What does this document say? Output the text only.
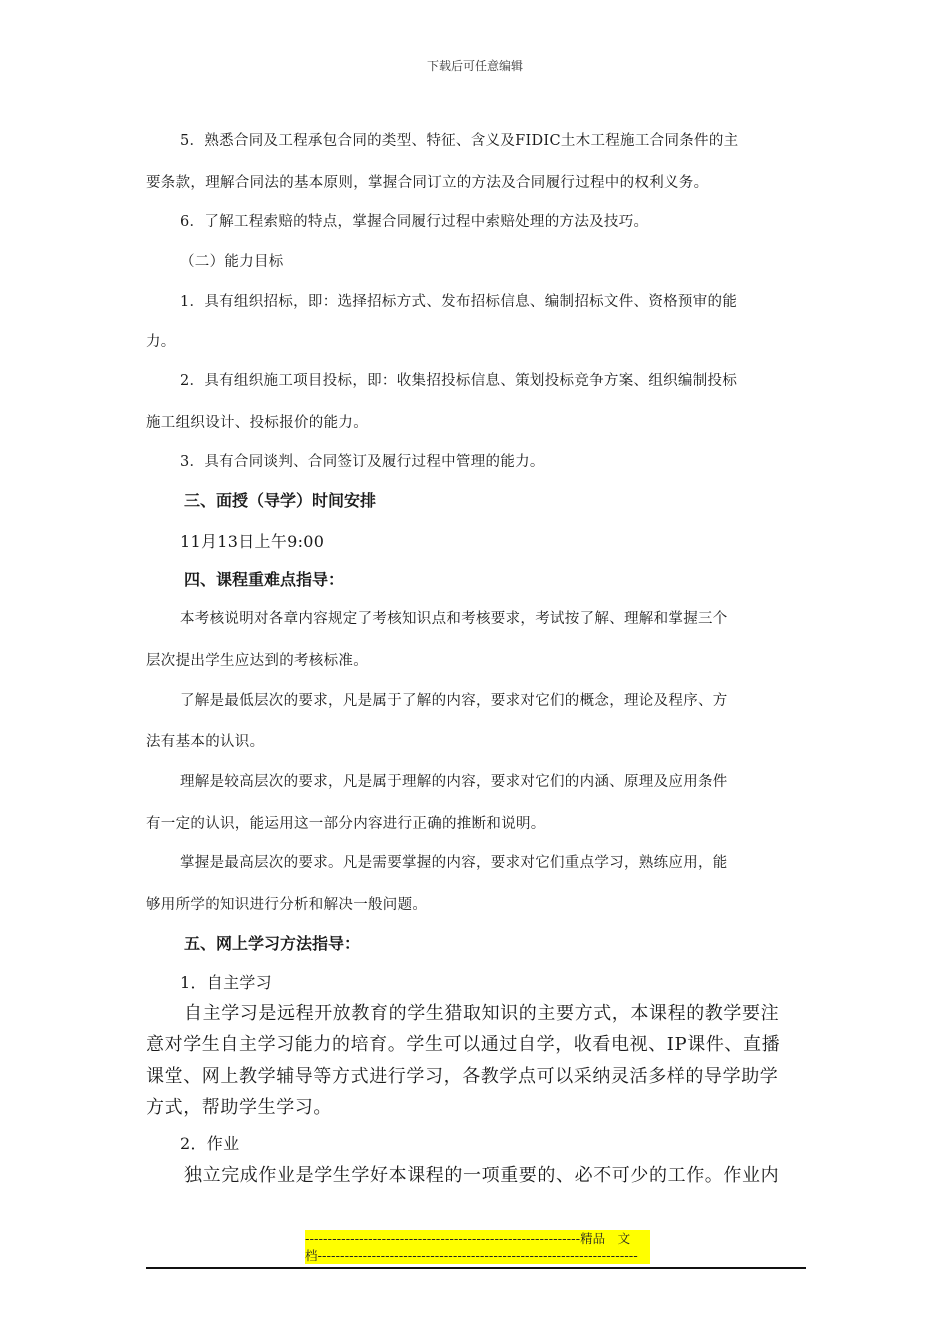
下载后可任意编辑
5．熟悉合同及工程承包合同的类型、特征、含义及FIDIC土木工程施工合同条件的主
要条款，理解合同法的基本原则，掌握合同订立的方法及合同履行过程中的权利义务。
6．了解工程索赔的特点，掌握合同履行过程中索赔处理的方法及技巧。
（二）能力目标
1．具有组织招标，即：选择招标方式、发布招标信息、编制招标文件、资格预审的能
力。
2．具有组织施工项目投标，即：收集招投标信息、策划投标竞争方案、组织编制投标
施工组织设计、投标报价的能力。
3．具有合同谈判、合同签订及履行过程中管理的能力。
三、面授（导学）时间安排
11月13日上午9:00
四、课程重难点指导：
本考核说明对各章内容规定了考核知识点和考核要求，考试按了解、理解和掌握三个
层次提出学生应达到的考核标准。
了解是最低层次的要求，凡是属于了解的内容，要求对它们的概念，理论及程序、方
法有基本的认识。
理解是较高层次的要求，凡是属于理解的内容，要求对它们的内涵、原理及应用条件
有一定的认识，能运用这一部分内容进行正确的推断和说明。
掌握是最高层次的要求。凡是需要掌握的内容，要求对它们重点学习，熟练应用，能
够用所学的知识进行分析和解决一般问题。
五、网上学习方法指导：
1．自主学习
自主学习是远程开放教育的学生猎取知识的主要方式，本课程的教学要注
意对学生自主学习能力的培育。学生可以通过自学，收看电视、IP课件、直播
课堂、网上教学辅导等方式进行学习，各教学点可以采纳灵活多样的导学助学
方式，帮助学生学习。
2．作业
独立完成作业是学生学好本课程的一项重要的、必不可少的工作。作业内
-------------------------------------------------------------精品　文
档-----------------------------------------------------------------------
